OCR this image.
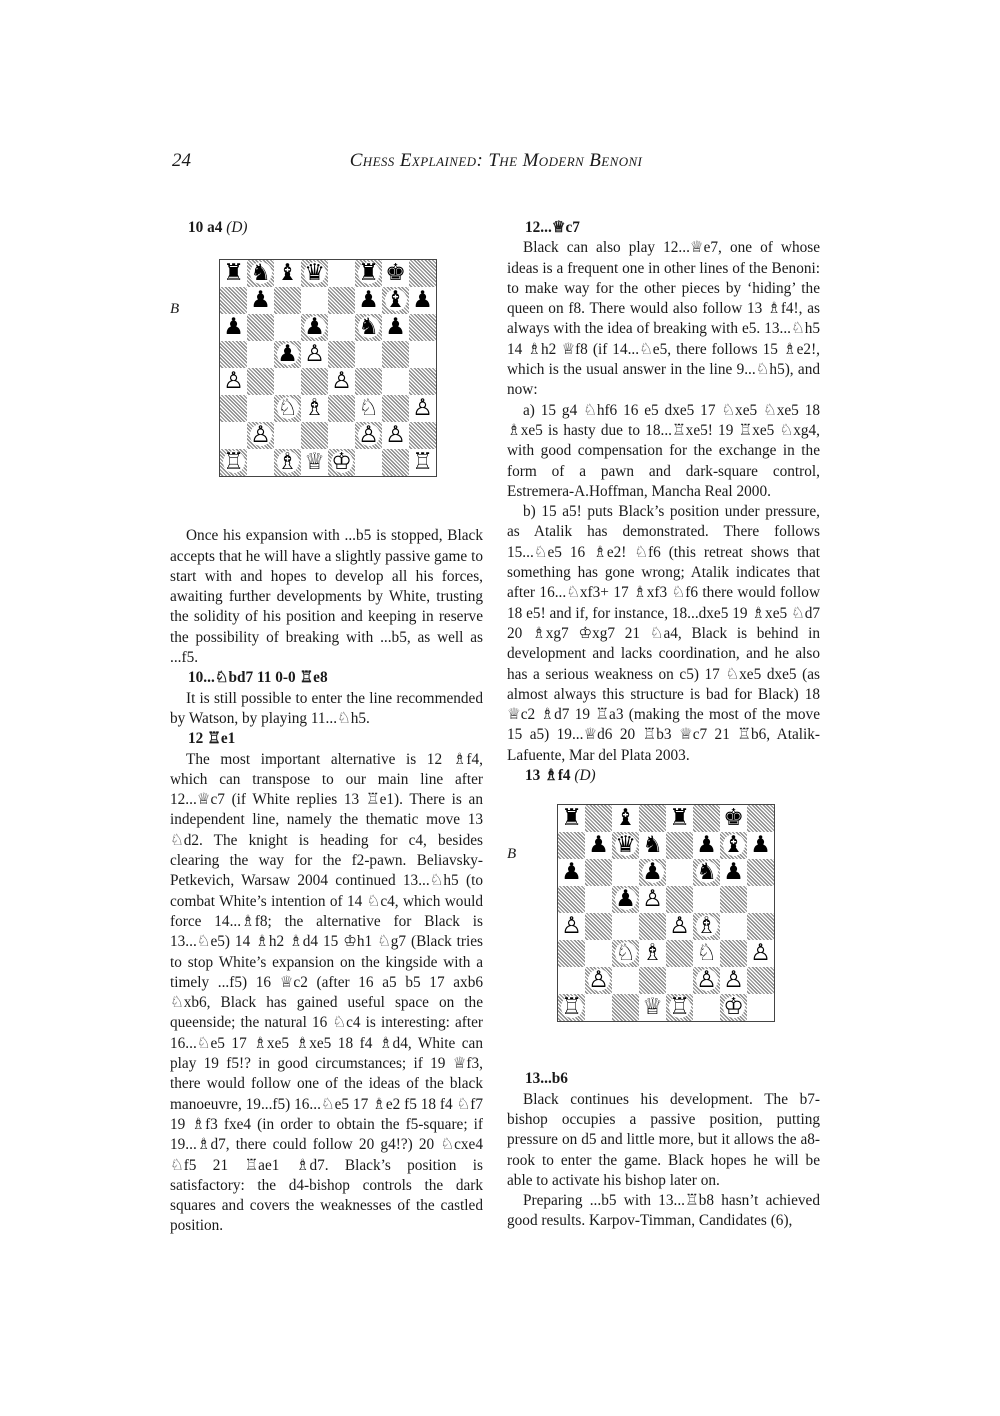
24	Chess Explained: The Modern Benoni

10 a4 (D)

Once his expansion with ...b5 is stopped, Black accepts that he will have a slightly passive game to start with and hopes to develop all his forces, awaiting further developments by White, trusting the solidity of his position and keeping in reserve the possibility of breaking with ...b5, as well as ...f5.

10...♘bd7 11 0-0 ♖e8

It is still possible to enter the line recommended by Watson, by playing 11...♘h5.

12 ♖e1

The most important alternative is 12 ♗f4, which can transpose to our main line after 12...♕c7 (if White replies 13 ♖e1). There is an independent line, namely the thematic move 13 ♘d2. The knight is heading for c4, besides clearing the way for the f2-pawn. Beliavsky-Petkevich, Warsaw 2004 continued 13...♘h5 (to combat White’s intention of 14 ♘c4, which would force 14...♗f8; the alternative for Black is 13...♘e5) 14 ♗h2 ♗d4 15 ♔h1 ♘g7 (Black tries to stop White’s expansion on the kingside with a timely ...f5) 16 ♕c2 (after 16 a5 b5 17 axb6 ♘xb6, Black has gained useful space on the queenside; the natural 16 ♘c4 is interesting: after 16...♘e5 17 ♗xe5 ♗xe5 18 f4 ♗d4, White can play 19 f5!? in good circumstances; if 19 ♕f3, there would follow one of the ideas of the black manoeuvre, 19...f5) 16...♘e5 17 ♗e2 f5 18 f4 ♘f7 19 ♗f3 fxe4 (in order to obtain the f5-square; if 19...♗d7, there could follow 20 g4!?) 20 ♘cxe4 ♘f5 21 ♖ae1 ♗d7. Black’s position is satisfactory: the d4-bishop controls the dark squares and covers the weaknesses of the castled position.

12...♕c7

Black can also play 12...♕e7, one of whose ideas is a frequent one in other lines of the Benoni: to make way for the other pieces by ‘hiding’ the queen on f8. There would also follow 13 ♗f4!, as always with the idea of breaking with e5. 13...♘h5 14 ♗h2 ♕f8 (if 14...♘e5, there follows 15 ♗e2!, which is the usual answer in the line 9...♘h5), and now:

a) 15 g4 ♘hf6 16 e5 dxe5 17 ♘xe5 ♘xe5 18 ♗xe5 is hasty due to 18...♖xe5! 19 ♖xe5 ♘xg4, with good compensation for the exchange in the form of a pawn and dark-square control, Estremera-A.Hoffman, Mancha Real 2000.

b) 15 a5! puts Black’s position under pressure, as Atalik has demonstrated. There follows 15...♘e5 16 ♗e2! ♘f6 (this retreat shows that something has gone wrong; Atalik indicates that after 16...♘xf3+ 17 ♗xf3 ♘f6 there would follow 18 e5! and if, for instance, 18...dxe5 19 ♗xe5 ♘d7 20 ♗xg7 ♔xg7 21 ♘a4, Black is behind in development and lacks coordination, and he also has a serious weakness on c5) 17 ♘xe5 dxe5 (as almost always this structure is bad for Black) 18 ♕c2 ♗d7 19 ♖a3 (making the most of the move 15 a5) 19...♕d6 20 ♖b3 ♕c7 21 ♖b6, Atalik-Lafuente, Mar del Plata 2003.

13 ♗f4 (D)

13...b6

Black continues his development. The b7-bishop occupies a passive position, putting pressure on d5 and little more, but it allows the a8-rook to enter the game. Black hopes he will be able to activate his bishop later on.

Preparing ...b5 with 13...♖b8 hasn’t achieved good results. Karpov-Timman, Candidates (6),

B
♜ ♞ ♝ ♛ ♜ ♚
♟	♟ ♝ ♟
♟	♟ ♞ ♟
♟ ♙
♙	♙
♘ ♗ ♘ ♙
♙	♙ ♙
♖ ♗ ♕ ♔	♖
B
♜ ♝ ♜ ♚
♟ ♛ ♞ ♟ ♝ ♟
♟	♟ ♞ ♟
♟ ♙
♙	♙ ♗
♘ ♗ ♘ ♙
♙	♙ ♙
♖	♕ ♖ ♔
